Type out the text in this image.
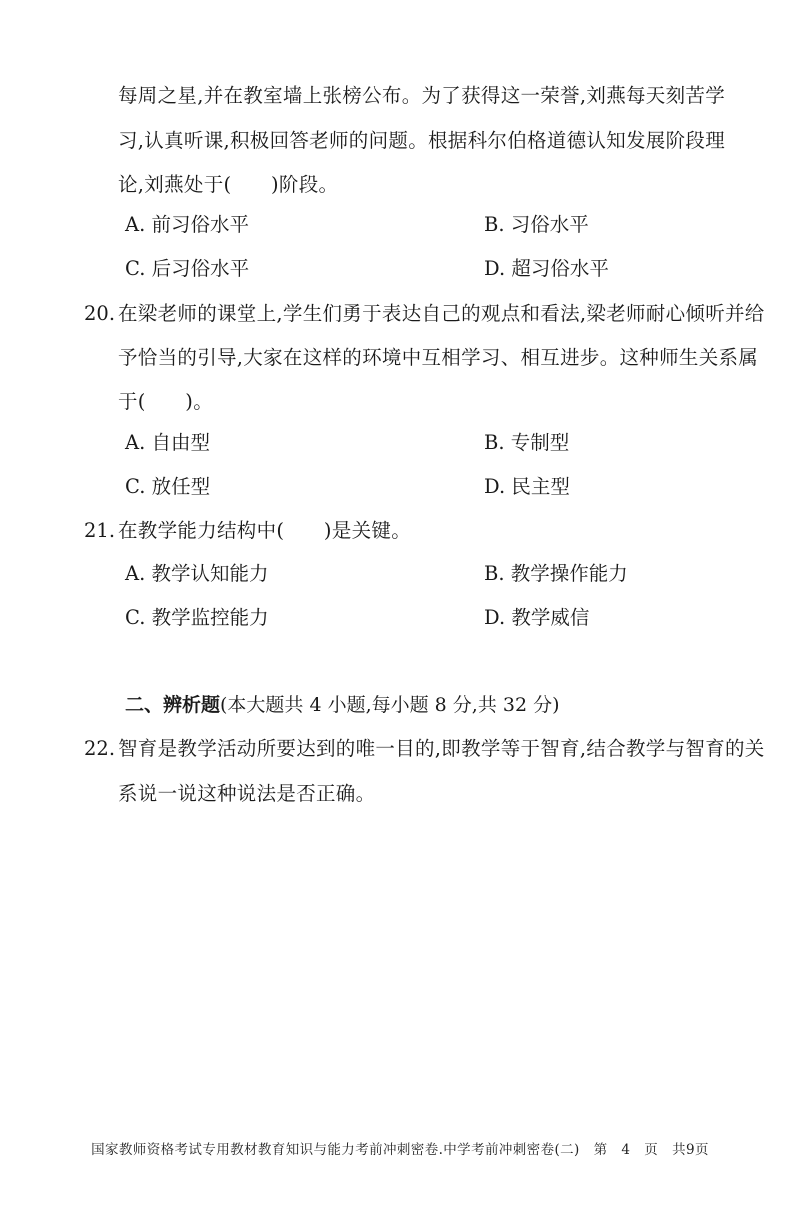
每周之星,并在教室墙上张榜公布。为了获得这一荣誉,刘燕每天刻苦学
习,认真听课,积极回答老师的问题。根据科尔伯格道德认知发展阶段理
论,刘燕处于(　　)阶段。
A. 前习俗水平	B. 习俗水平
C. 后习俗水平	D. 超习俗水平
20. 在梁老师的课堂上,学生们勇于表达自己的观点和看法,梁老师耐心倾听并给
予恰当的引导,大家在这样的环境中互相学习、相互进步。这种师生关系属
于(　　)。
A. 自由型	B. 专制型
C. 放任型	D. 民主型
21. 在教学能力结构中(　　)是关键。
A. 教学认知能力	B. 教学操作能力
C. 教学监控能力	D. 教学威信
二、辨析题(本大题共 4 小题,每小题 8 分,共 32 分)
22. 智育是教学活动所要达到的唯一目的,即教学等于智育,结合教学与智育的关
系说一说这种说法是否正确。
国家教师资格考试专用教材教育知识与能力考前冲刺密卷.中学考前冲刺密卷(二)　第　4　页　共9页
